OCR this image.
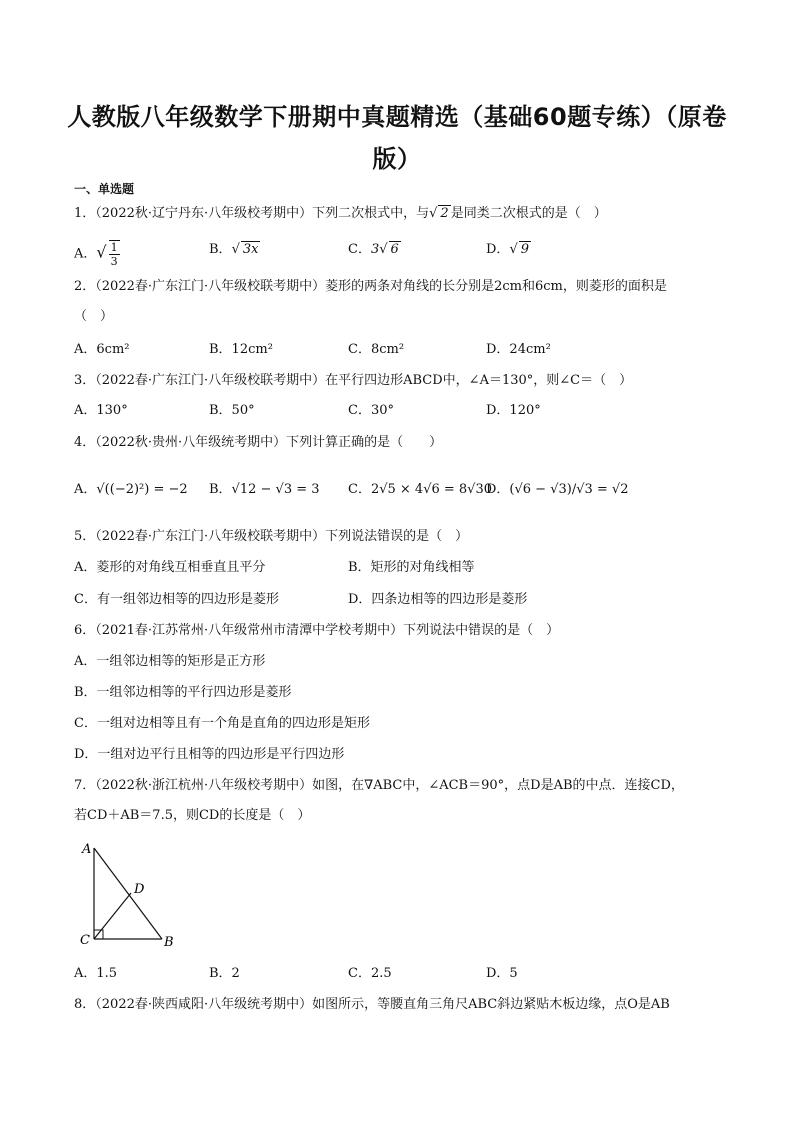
人教版八年级数学下册期中真题精选（基础60题专练）（原卷
版）
一、单选题
1．（2022秋·辽宁丹东·八年级校考期中）下列二次根式中，与√ 2 是同类二次根式的是（　）
A．√ $\frac{1}{3}$	B．√ 3x	C．3√ 6	D．√ 9
2．（2022春·广东江门·八年级校联考期中）菱形的两条对角线的长分别是2cm和6cm，则菱形的面积是
（　）
A．6cm²	B．12cm²	C．8cm²	D．24cm²
3．（2022春·广东江门·八年级校联考期中）在平行四边形ABCD中，∠A＝130°，则∠C＝（　）
A．130°	B．50°	C．30°	D．120°
4．（2022秋·贵州·八年级统考期中）下列计算正确的是（　　）
A．√((−2)²) = −2 B．√12 − √3 = 3 C．2√5 × 4√6 = 8√30
D．(√6 − √3)/√3 = √2
5．（2022春·广东江门·八年级校联考期中）下列说法错误的是（　）
A．菱形的对角线互相垂直且平分	B．矩形的对角线相等
C．有一组邻边相等的四边形是菱形	D．四条边相等的四边形是菱形
6．（2021春·江苏常州·八年级常州市清潭中学校考期中）下列说法中错误的是（　）
A．一组邻边相等的矩形是正方形
B．一组邻边相等的平行四边形是菱形
C．一组对边相等且有一个角是直角的四边形是矩形
D．一组对边平行且相等的四边形是平行四边形
7．（2022秋·浙江杭州·八年级校考期中）如图，在∇ABC中，∠ACB＝90°，点D是AB的中点．连接CD，
若CD＋AB＝7.5，则CD的长度是（　）
A
D
C	B
A．1.5	B．2	C．2.5	D．5
8．（2022春·陕西咸阳·八年级统考期中）如图所示，等腰直角三角尺ABC斜边紧贴木板边缘，点O是AB
